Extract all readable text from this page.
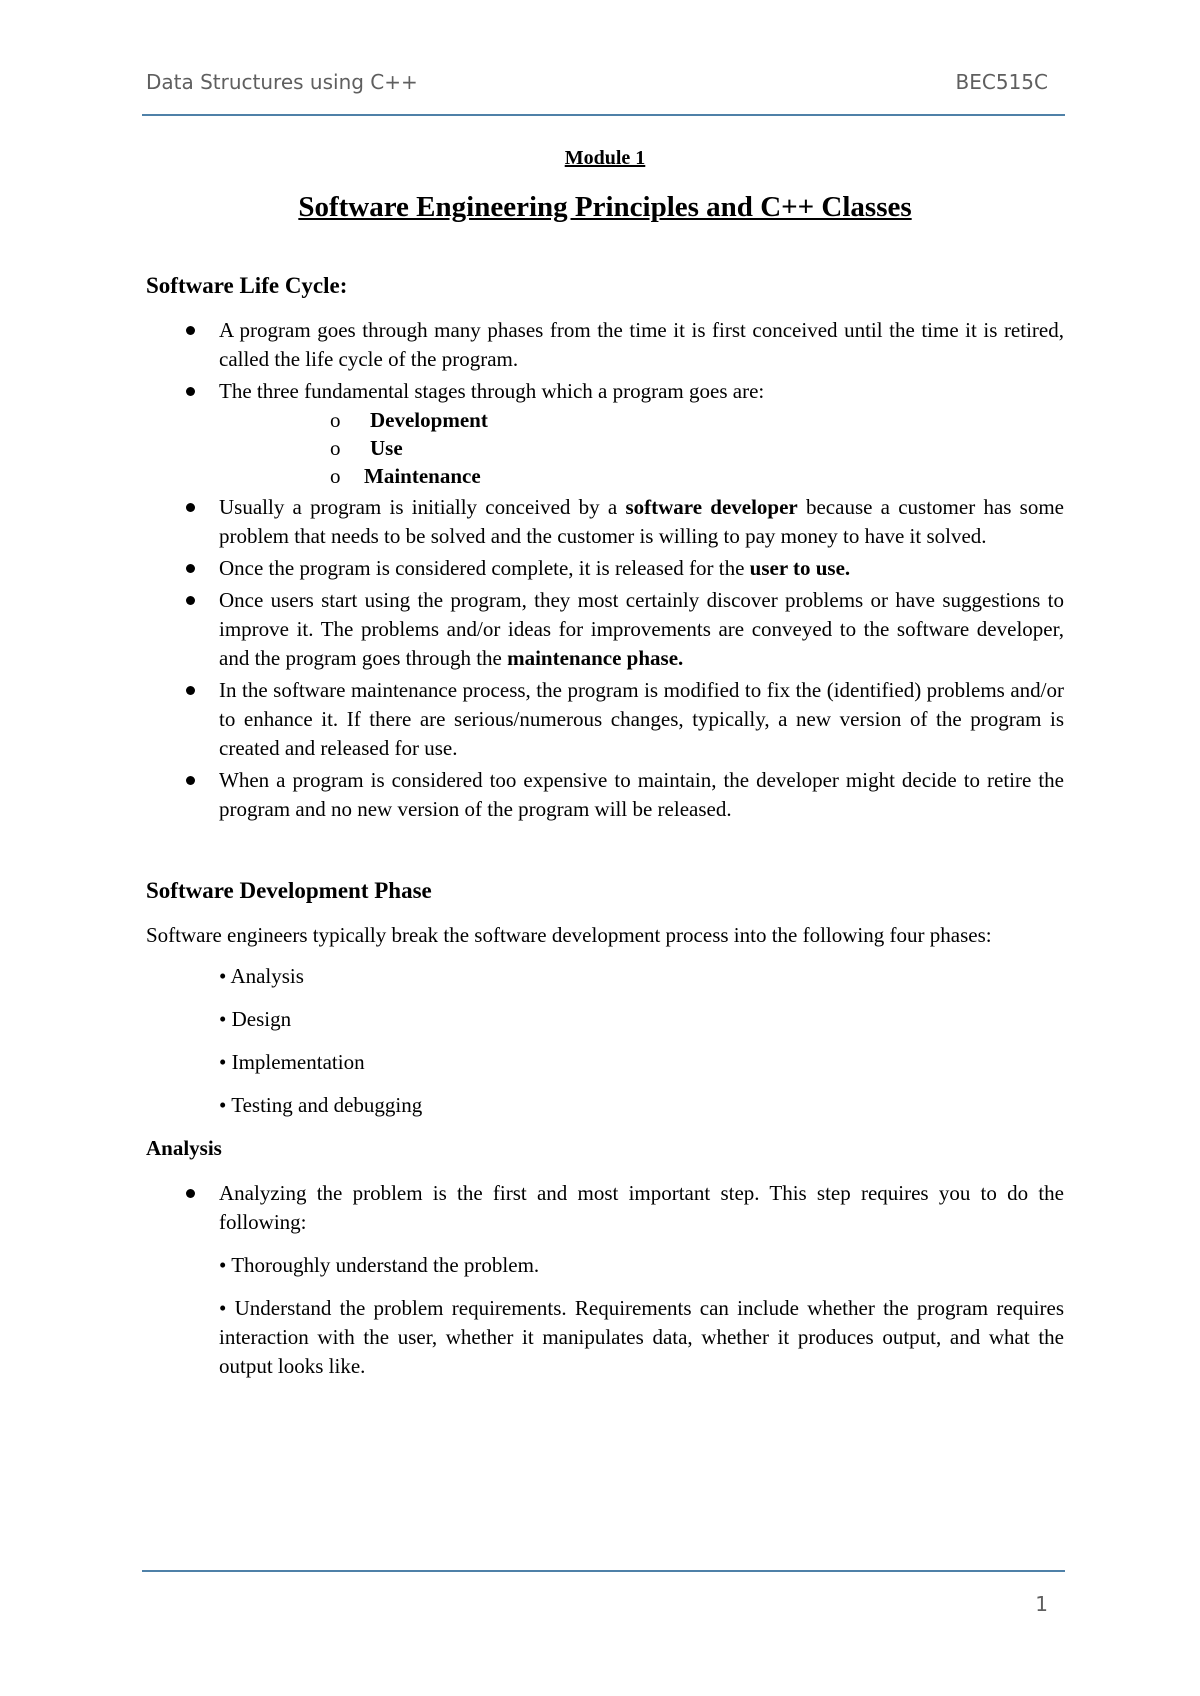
Data Structures using C++	BEC515C

Module 1

Software Engineering Principles and C++ Classes
Software Life Cycle:
A program goes through many phases from the time it is first conceived until the time it is retired, called the life cycle of the program.
The three fundamental stages through which a program goes are:
o Development
o Use
o Maintenance
Usually a program is initially conceived by a software developer because a customer has some problem that needs to be solved and the customer is willing to pay money to have it solved.
Once the program is considered complete, it is released for the user to use.
Once users start using the program, they most certainly discover problems or have suggestions to improve it. The problems and/or ideas for improvements are conveyed to the software developer, and the program goes through the maintenance phase.
In the software maintenance process, the program is modified to fix the (identified) problems and/or to enhance it. If there are serious/numerous changes, typically, a new version of the program is created and released for use.
When a program is considered too expensive to maintain, the developer might decide to retire the program and no new version of the program will be released.
Software Development Phase

Software engineers typically break the software development process into the following four phases:

• Analysis
• Design
• Implementation
• Testing and debugging
Analysis
Analyzing the problem is the first and most important step. This step requires you to do the following:
• Thoroughly understand the problem.
• Understand the problem requirements. Requirements can include whether the program requires interaction with the user, whether it manipulates data, whether it produces output, and what the output looks like.
1
